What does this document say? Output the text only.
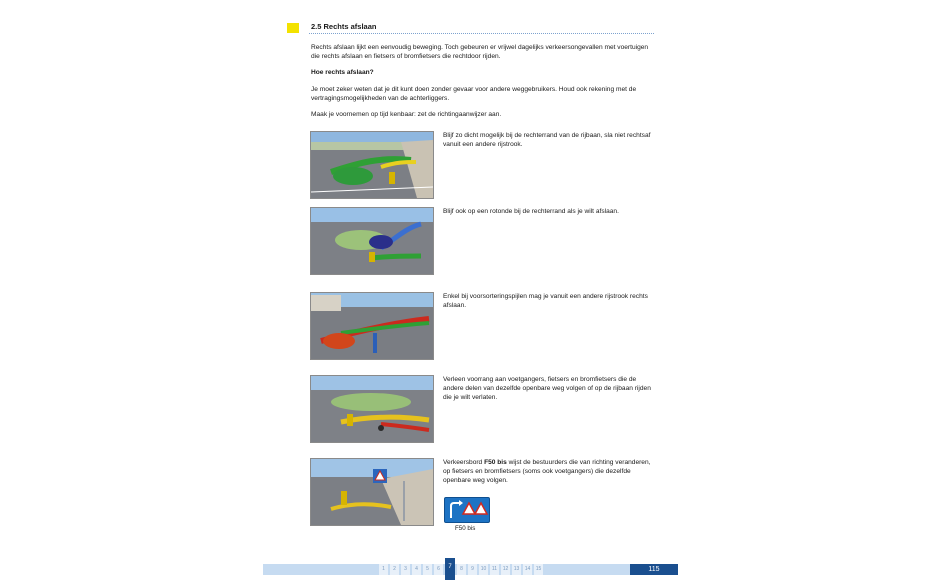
2.5 Rechts afslaan
Rechts afslaan lijkt een eenvoudig beweging. Toch gebeuren er vrijwel dagelijks verkeersongevallen met voertuigen die rechts afslaan en fietsers of bromfietsers die rechtdoor rijden.
Hoe rechts afslaan?
Je moet zeker weten dat je dit kunt doen zonder gevaar voor andere weggebruikers. Houd ook rekening met de vertragingsmogelijkheden van de achterliggers.
Maak je voornemen op tijd kenbaar: zet de richtingaanwijzer aan.
Blijf zo dicht mogelijk bij de rechterrand van de rijbaan, sla niet rechtsaf vanuit een andere rijstrook.
Blijf ook op een rotonde bij de rechterrand als je wilt afslaan.
Enkel bij voorsorteringspijlen mag je vanuit een andere rijstrook rechts afslaan.
Verleen voorrang aan voetgangers, fietsers en bromfietsers die de andere delen van dezelfde openbare weg volgen of op de rijbaan rijden die je wilt verlaten.
Verkeersbord F50 bis wijst de bestuurders die van richting veranderen, op fietsers en bromfietsers (soms ook voetgangers) die dezelfde openbare weg volgen.
F50 bis
1	2	3	4	5	6	7	8	9	10	11	12	13	14	15	115
